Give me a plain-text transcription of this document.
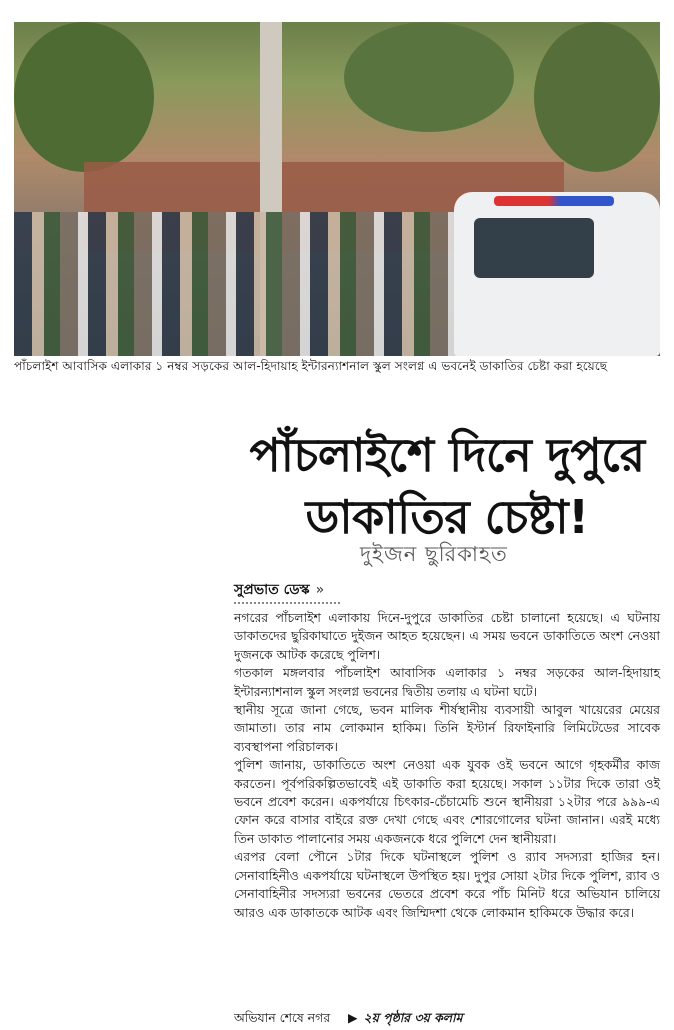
পাঁচলাইশ আবাসিক এলাকার ১ নম্বর সড়কের আল-হিদায়াহ ইন্টারন্যাশনাল স্কুল সংলগ্ন এ ভবনেই ডাকাতির চেষ্টা করা হয়েছে
পাঁচলাইশে দিনে দুপুরে
ডাকাতির চেষ্টা!
দুইজন ছুরিকাহত
সুপ্রভাত ডেস্ক »

নগরের পাঁচলাইশ এলাকায় দিনে-দুপুরে ডাকাতির চেষ্টা চালানো হয়েছে। এ ঘটনায় ডাকাতদের ছুরিকাঘাতে দুইজন আহত হয়েছেন। এ সময় ভবনে ডাকাতিতে অংশ নেওয়া দুজনকে আটক করেছে পুলিশ।

গতকাল মঙ্গলবার পাঁচলাইশ আবাসিক এলাকার ১ নম্বর সড়কের আল-হিদায়াহ ইন্টারন্যাশনাল স্কুল সংলগ্ন ভবনের দ্বিতীয় তলায় এ ঘটনা ঘটে।

স্থানীয় সূত্রে জানা গেছে, ভবন মালিক শীর্ষস্থানীয় ব্যবসায়ী আবুল খায়েরের মেয়ের জামাতা। তার নাম লোকমান হাকিম। তিনি ইস্টার্ন রিফাইনারি লিমিটেডের সাবেক ব্যবস্থাপনা পরিচালক।

পুলিশ জানায়, ডাকাতিতে অংশ নেওয়া এক যুবক ওই ভবনে আগে গৃহকর্মীর কাজ করতেন। পূর্বপরিকল্পিতভাবেই এই ডাকাতি করা হয়েছে। সকাল ১১টার দিকে তারা ওই ভবনে প্রবেশ করেন। একপর্যায়ে চিৎকার-চেঁচামেচি শুনে স্থানীয়রা ১২টার পরে ৯৯৯-এ ফোন করে বাসার বাইরে রক্ত দেখা গেছে এবং শোরগোলের ঘটনা জানান। এরই মধ্যে তিন ডাকাত পালানোর সময় একজনকে ধরে পুলিশে দেন স্থানীয়রা।

এরপর বেলা পৌনে ১টার দিকে ঘটনাস্থলে পুলিশ ও র‍্যাব সদস্যরা হাজির হন। সেনাবাহিনীও একপর্যায়ে ঘটনাস্থলে উপস্থিত হয়। দুপুর সোয়া ২টার দিকে পুলিশ, র‍্যাব ও সেনাবাহিনীর সদস্যরা ভবনের ভেতরে প্রবেশ করে পাঁচ মিনিট ধরে অভিযান চালিয়ে আরও এক ডাকাতকে আটক এবং জিম্মিদশা থেকে লোকমান হাকিমকে উদ্ধার করে।

অভিযান শেষে নগর ▶ ২য় পৃষ্ঠার ৩য় কলাম
